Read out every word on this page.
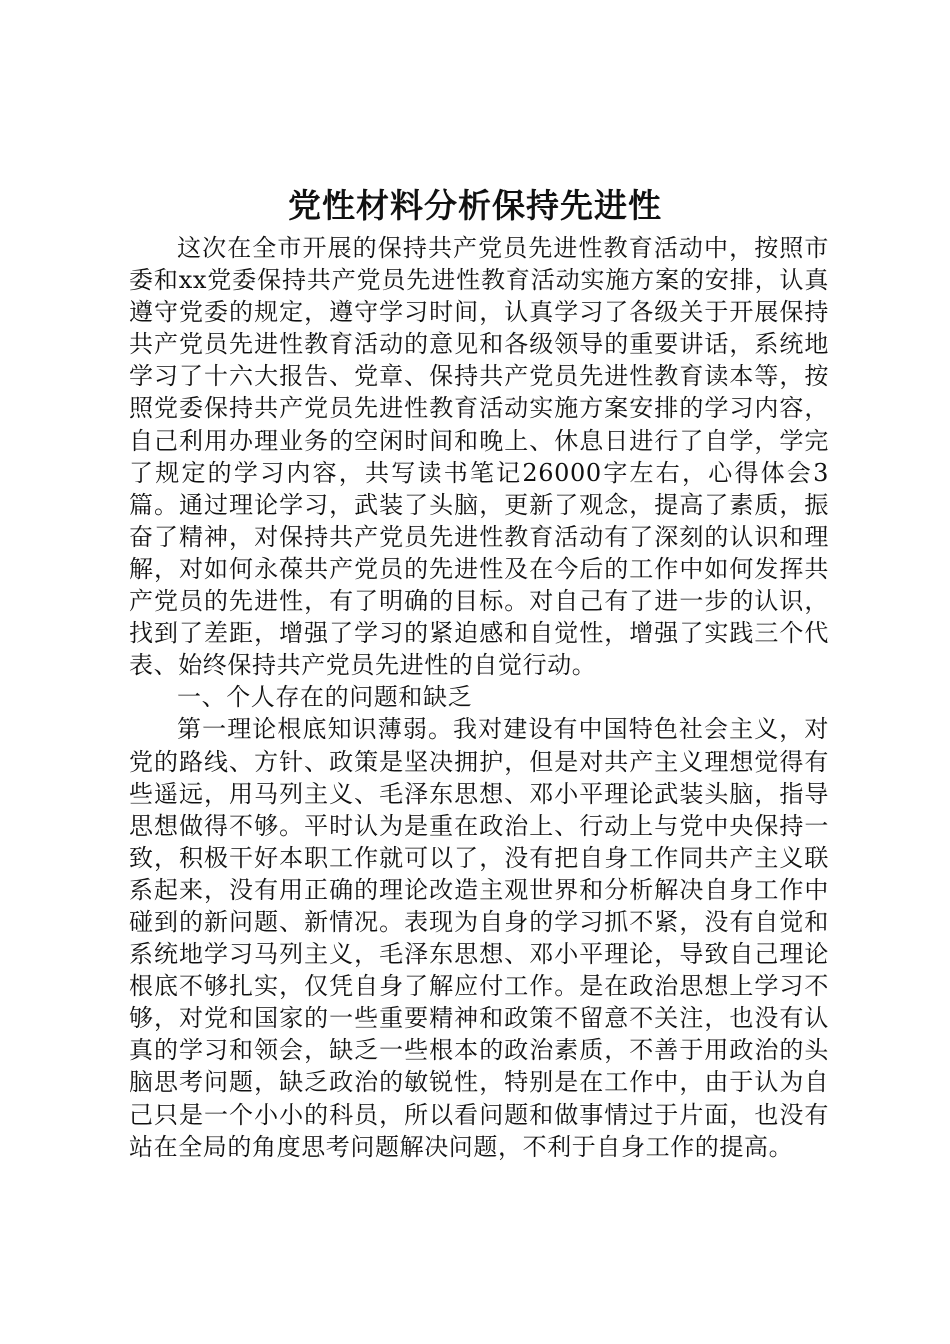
党性材料分析保持先进性

这次在全市开展的保持共产党员先进性教育活动中，按照市委和xx党委保持共产党员先进性教育活动实施方案的安排，认真遵守党委的规定，遵守学习时间，认真学习了各级关于开展保持共产党员先进性教育活动的意见和各级领导的重要讲话，系统地学习了十六大报告、党章、保持共产党员先进性教育读本等，按照党委保持共产党员先进性教育活动实施方案安排的学习内容，自己利用办理业务的空闲时间和晚上、休息日进行了自学，学完了规定的学习内容，共写读书笔记26000字左右，心得体会3篇。通过理论学习，武装了头脑，更新了观念，提高了素质，振奋了精神，对保持共产党员先进性教育活动有了深刻的认识和理解，对如何永葆共产党员的先进性及在今后的工作中如何发挥共产党员的先进性，有了明确的目标。对自己有了进一步的认识，找到了差距，增强了学习的紧迫感和自觉性，增强了实践三个代表、始终保持共产党员先进性的自觉行动。

一、个人存在的问题和缺乏

第一理论根底知识薄弱。我对建设有中国特色社会主义，对党的路线、方针、政策是坚决拥护，但是对共产主义理想觉得有些遥远，用马列主义、毛泽东思想、邓小平理论武装头脑，指导思想做得不够。平时认为是重在政治上、行动上与党中央保持一致，积极干好本职工作就可以了，没有把自身工作同共产主义联系起来，没有用正确的理论改造主观世界和分析解决自身工作中碰到的新问题、新情况。表现为自身的学习抓不紧，没有自觉和系统地学习马列主义，毛泽东思想、邓小平理论，导致自己理论根底不够扎实，仅凭自身了解应付工作。是在政治思想上学习不够，对党和国家的一些重要精神和政策不留意不关注，也没有认真的学习和领会，缺乏一些根本的政治素质，不善于用政治的头脑思考问题，缺乏政治的敏锐性，特别是在工作中，由于认为自己只是一个小小的科员，所以看问题和做事情过于片面，也没有站在全局的角度思考问题解决问题，不利于自身工作的提高。
